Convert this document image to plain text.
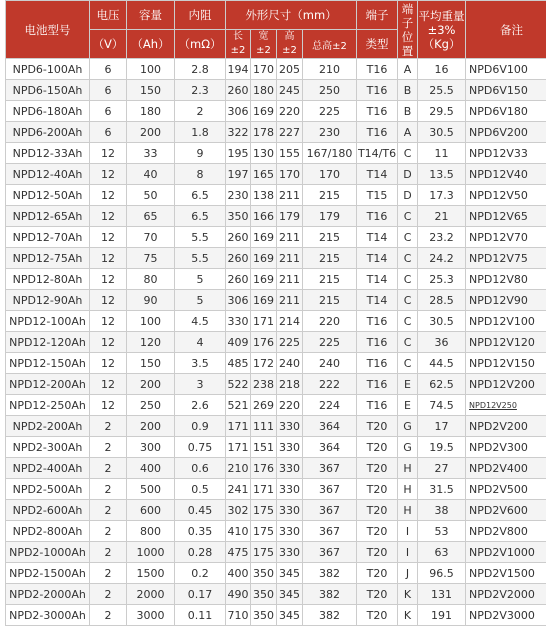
电池型号	电压	容量	内阻	外形尺寸（mm）				端子	端子位置	平均重量±3%（Kg）	备注
	（V）	（Ah）	（mΩ）	长 ±2	宽 ±2	高 ±2	总高±2	类型			
NPD6-100Ah	6	100	2.8	194	170	205	210	T16	A	16	NPD6V100
NPD6-150Ah	6	150	2.3	260	180	245	250	T16	B	25.5	NPD6V150
NPD6-180Ah	6	180	2	306	169	220	225	T16	B	29.5	NPD6V180
NPD6-200Ah	6	200	1.8	322	178	227	230	T16	A	30.5	NPD6V200
NPD12-33Ah	12	33	9	195	130	155	167/180	T14/T6	C	11	NPD12V33
NPD12-40Ah	12	40	8	197	165	170	170	T14	D	13.5	NPD12V40
NPD12-50Ah	12	50	6.5	230	138	211	215	T15	D	17.3	NPD12V50
NPD12-65Ah	12	65	6.5	350	166	179	179	T16	C	21	NPD12V65
NPD12-70Ah	12	70	5.5	260	169	211	215	T14	C	23.2	NPD12V70
NPD12-75Ah	12	75	5.5	260	169	211	215	T14	C	24.2	NPD12V75
NPD12-80Ah	12	80	5	260	169	211	215	T14	C	25.3	NPD12V80
NPD12-90Ah	12	90	5	306	169	211	215	T14	C	28.5	NPD12V90
NPD12-100Ah	12	100	4.5	330	171	214	220	T16	C	30.5	NPD12V100
NPD12-120Ah	12	120	4	409	176	225	225	T16	C	36	NPD12V120
NPD12-150Ah	12	150	3.5	485	172	240	240	T16	C	44.5	NPD12V150
NPD12-200Ah	12	200	3	522	238	218	222	T16	E	62.5	NPD12V200
NPD12-250Ah	12	250	2.6	521	269	220	224	T16	E	74.5	NPD12V250
NPD2-200Ah	2	200	0.9	171	111	330	364	T20	G	17	NPD2V200
NPD2-300Ah	2	300	0.75	171	151	330	364	T20	G	19.5	NPD2V300
NPD2-400Ah	2	400	0.6	210	176	330	367	T20	H	27	NPD2V400
NPD2-500Ah	2	500	0.5	241	171	330	367	T20	H	31.5	NPD2V500
NPD2-600Ah	2	600	0.45	302	175	330	367	T20	H	38	NPD2V600
NPD2-800Ah	2	800	0.35	410	175	330	367	T20	I	53	NPD2V800
NPD2-1000Ah	2	1000	0.28	475	175	330	367	T20	I	63	NPD2V1000
NPD2-1500Ah	2	1500	0.2	400	350	345	382	T20	J	96.5	NPD2V1500
NPD2-2000Ah	2	2000	0.17	490	350	345	382	T20	K	131	NPD2V2000
NPD2-3000Ah	2	3000	0.11	710	350	345	382	T20	K	191	NPD2V3000
